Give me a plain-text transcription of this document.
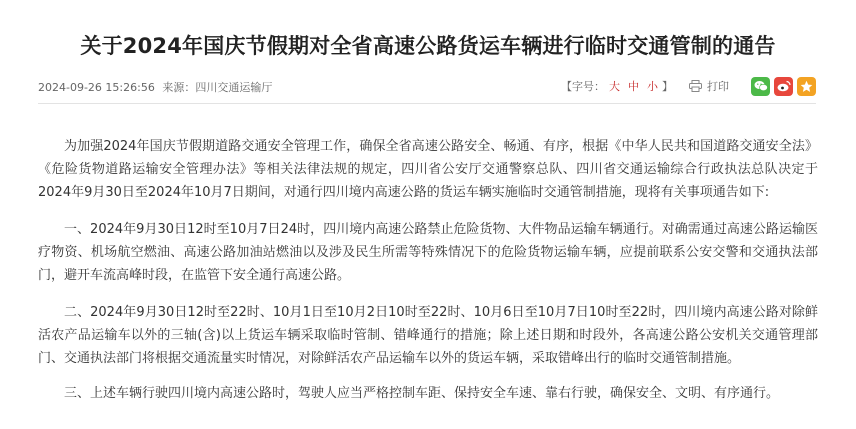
关于2024年国庆节假期对全省高速公路货运车辆进行临时交通管制的通告
2024-09-26 15:26:56 来源：四川交通运输厅	【字号： 大 中 小 】	打印

为加强2024年国庆节假期道路交通安全管理工作，确保全省高速公路安全、畅通、有序，根据《中华人民共和国道路交通安全法》《危险货物道路运输安全管理办法》等相关法律法规的规定，四川省公安厅交通警察总队、四川省交通运输综合行政执法总队决定于2024年9月30日至2024年10月7日期间，对通行四川境内高速公路的货运车辆实施临时交通管制措施，现将有关事项通告如下:

一、2024年9月30日12时至10月7日24时，四川境内高速公路禁止危险货物、大件物品运输车辆通行。对确需通过高速公路运输医疗物资、机场航空燃油、高速公路加油站燃油以及涉及民生所需等特殊情况下的危险货物运输车辆，应提前联系公安交警和交通执法部门，避开车流高峰时段，在监管下安全通行高速公路。

二、2024年9月30日12时至22时、10月1日至10月2日10时至22时、10月6日至10月7日10时至22时，四川境内高速公路对除鲜活农产品运输车以外的三轴(含)以上货运车辆采取临时管制、错峰通行的措施；除上述日期和时段外，各高速公路公安机关交通管理部门、交通执法部门将根据交通流量实时情况，对除鲜活农产品运输车以外的货运车辆，采取错峰出行的临时交通管制措施。

三、上述车辆行驶四川境内高速公路时，驾驶人应当严格控制车距、保持安全车速、靠右行驶，确保安全、文明、有序通行。
